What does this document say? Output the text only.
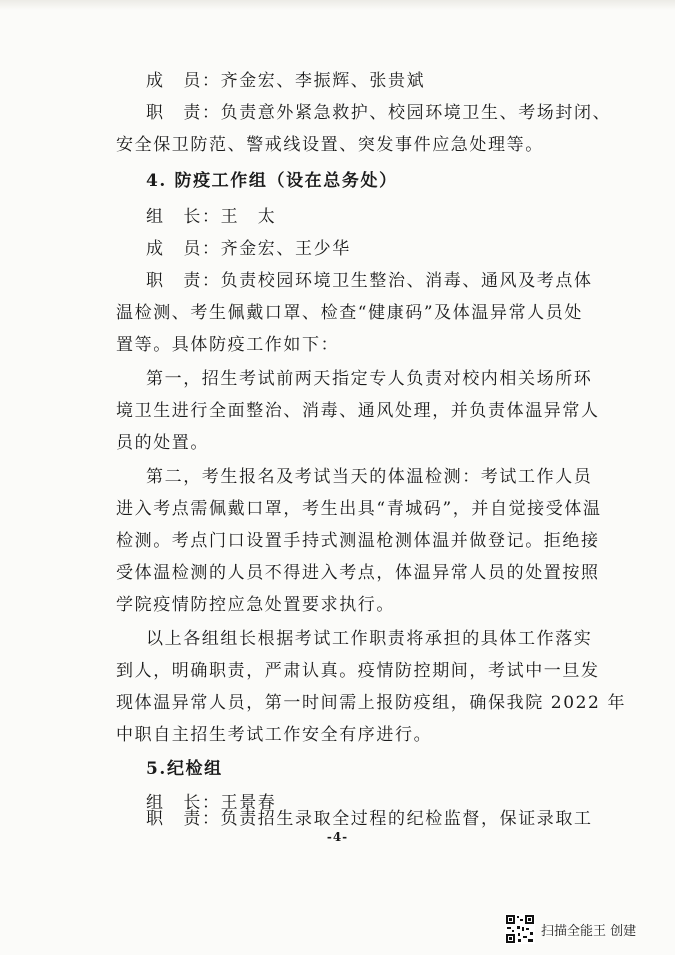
成员：齐金宏、李振辉、张贵斌
职责：负责意外紧急救护、校园环境卫生、考场封闭、
安全保卫防范、警戒线设置、突发事件应急处理等。
4. 防疫工作组（设在总务处）
组长：王　太
成员：齐金宏、王少华
职责：负责校园环境卫生整治、消毒、通风及考点体
温检测、考生佩戴口罩、检查“健康码”及体温异常人员处
置等。具体防疫工作如下：
第一，招生考试前两天指定专人负责对校内相关场所环
境卫生进行全面整治、消毒、通风处理，并负责体温异常人
员的处置。
第二，考生报名及考试当天的体温检测：考试工作人员
进入考点需佩戴口罩，考生出具“青城码”，并自觉接受体温
检测。考点门口设置手持式测温枪测体温并做登记。拒绝接
受体温检测的人员不得进入考点，体温异常人员的处置按照
学院疫情防控应急处置要求执行。
以上各组组长根据考试工作职责将承担的具体工作落实
到人，明确职责，严肃认真。疫情防控期间，考试中一旦发
现体温异常人员，第一时间需上报防疫组，确保我院 2022 年
中职自主招生考试工作安全有序进行。
5.纪检组
组长：王景春
职责：负责招生录取全过程的纪检监督，保证录取工
-4-
扫描全能王 创建
